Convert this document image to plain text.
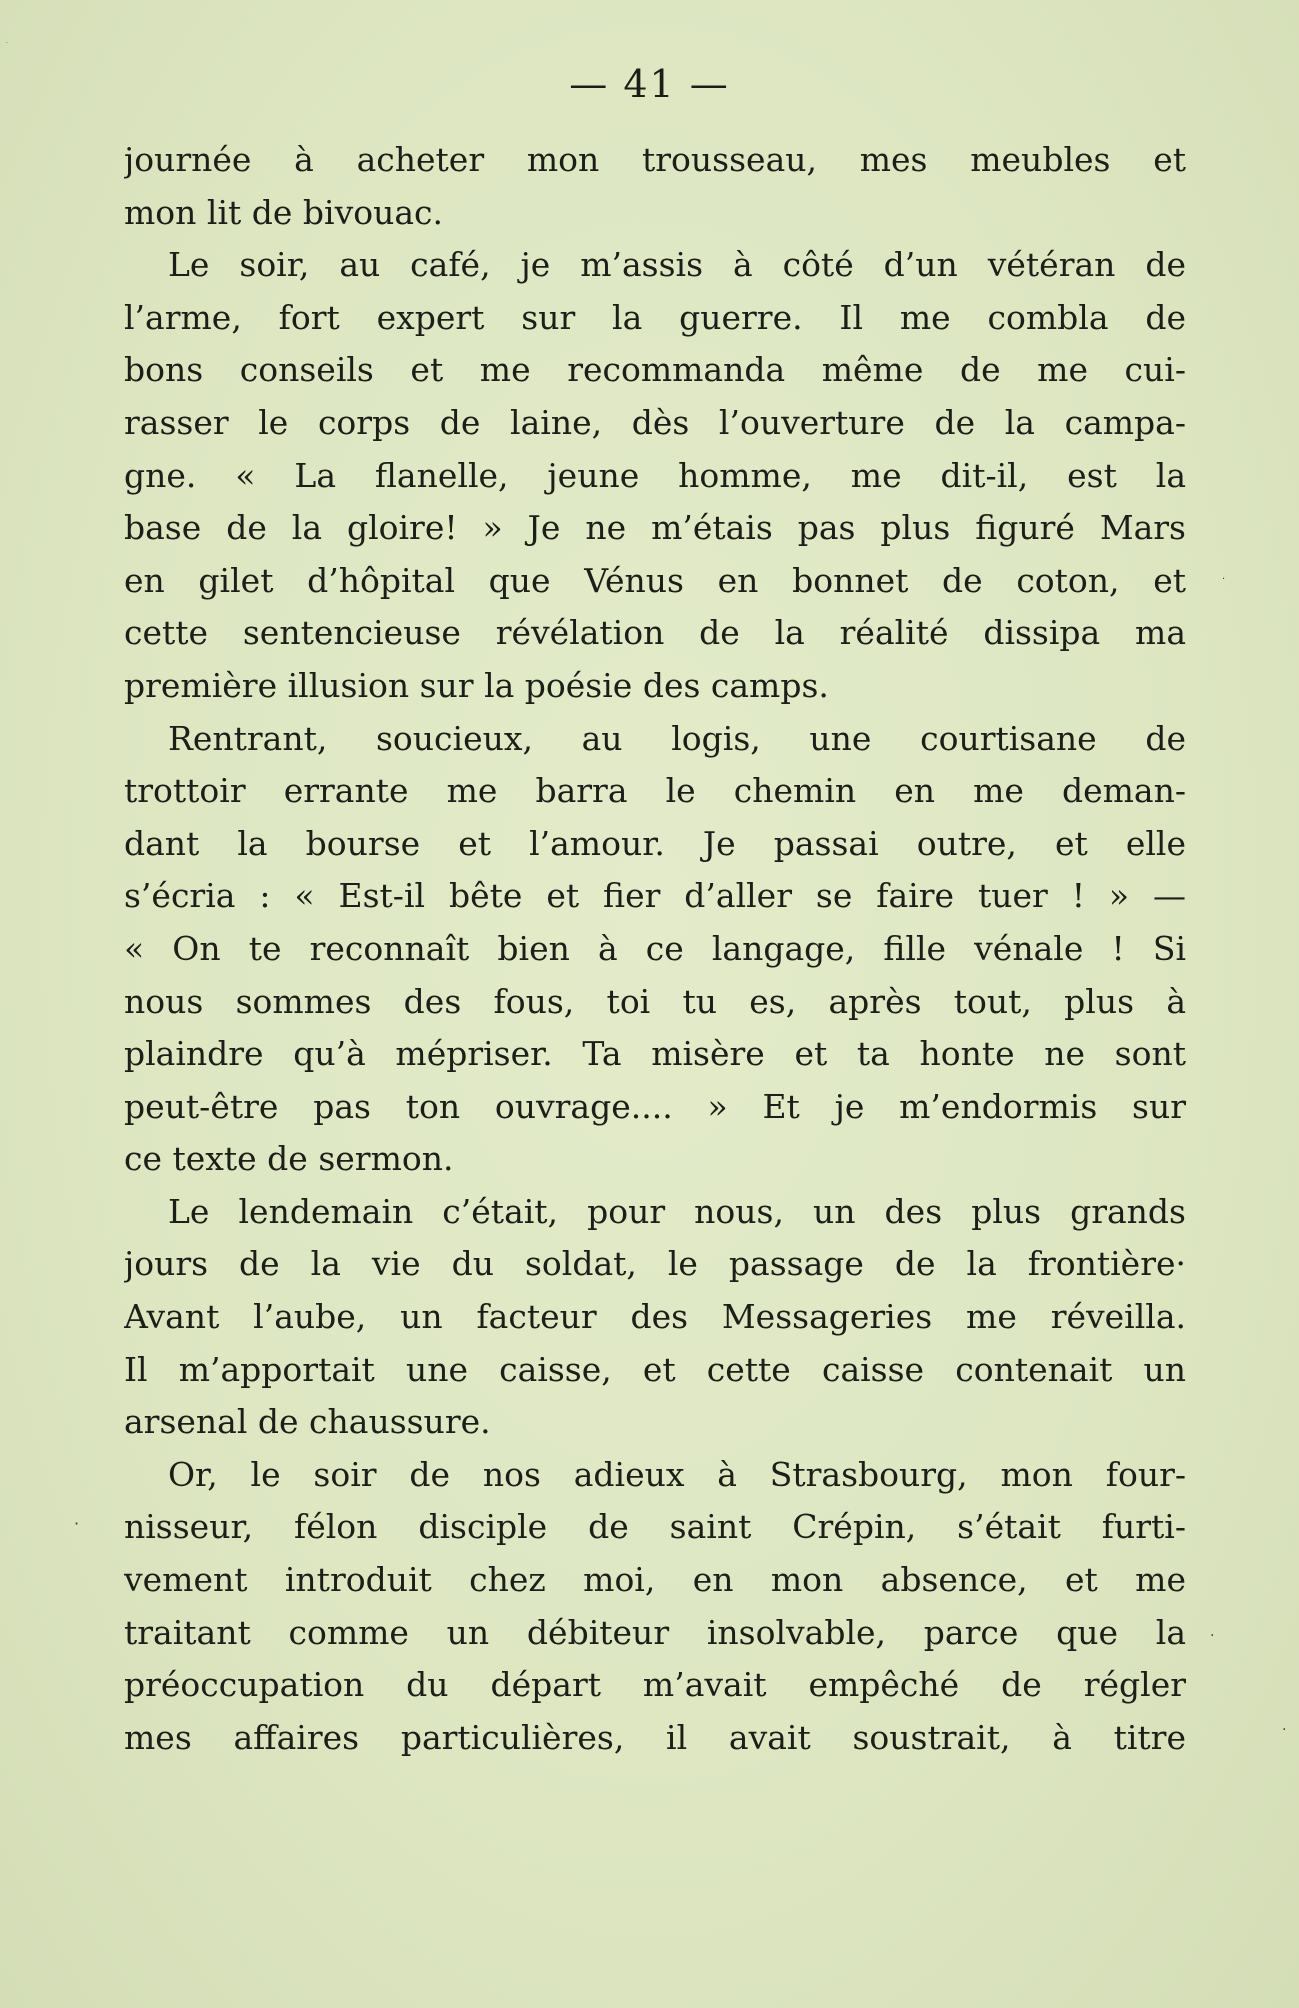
— 41 —
journée à acheter mon trousseau, mes meubles et
mon lit de bivouac.
Le soir, au café, je m’assis à côté d’un vétéran de
l’arme, fort expert sur la guerre. Il me combla de
bons conseils et me recommanda même de me cui-
rasser le corps de laine, dès l’ouverture de la campa-
gne. « La flanelle, jeune homme, me dit-il, est la
base de la gloire! » Je ne m’étais pas plus figuré Mars
en gilet d’hôpital que Vénus en bonnet de coton, et
cette sentencieuse révélation de la réalité dissipa ma
première illusion sur la poésie des camps.
Rentrant, soucieux, au logis, une courtisane de
trottoir errante me barra le chemin en me deman-
dant la bourse et l’amour. Je passai outre, et elle
s’écria : « Est-il bête et fier d’aller se faire tuer ! » —
« On te reconnaît bien à ce langage, fille vénale ! Si
nous sommes des fous, toi tu es, après tout, plus à
plaindre qu’à mépriser. Ta misère et ta honte ne sont
peut-être pas ton ouvrage.... » Et je m’endormis sur
ce texte de sermon.
Le lendemain c’était, pour nous, un des plus grands
jours de la vie du soldat, le passage de la frontière·
Avant l’aube, un facteur des Messageries me réveilla.
Il m’apportait une caisse, et cette caisse contenait un
arsenal de chaussure.
Or, le soir de nos adieux à Strasbourg, mon four-
nisseur, félon disciple de saint Crépin, s’était furti-
vement introduit chez moi, en mon absence, et me
traitant comme un débiteur insolvable, parce que la
préoccupation du départ m’avait empêché de régler
mes affaires particulières, il avait soustrait, à titre
·
·
·
·
·
